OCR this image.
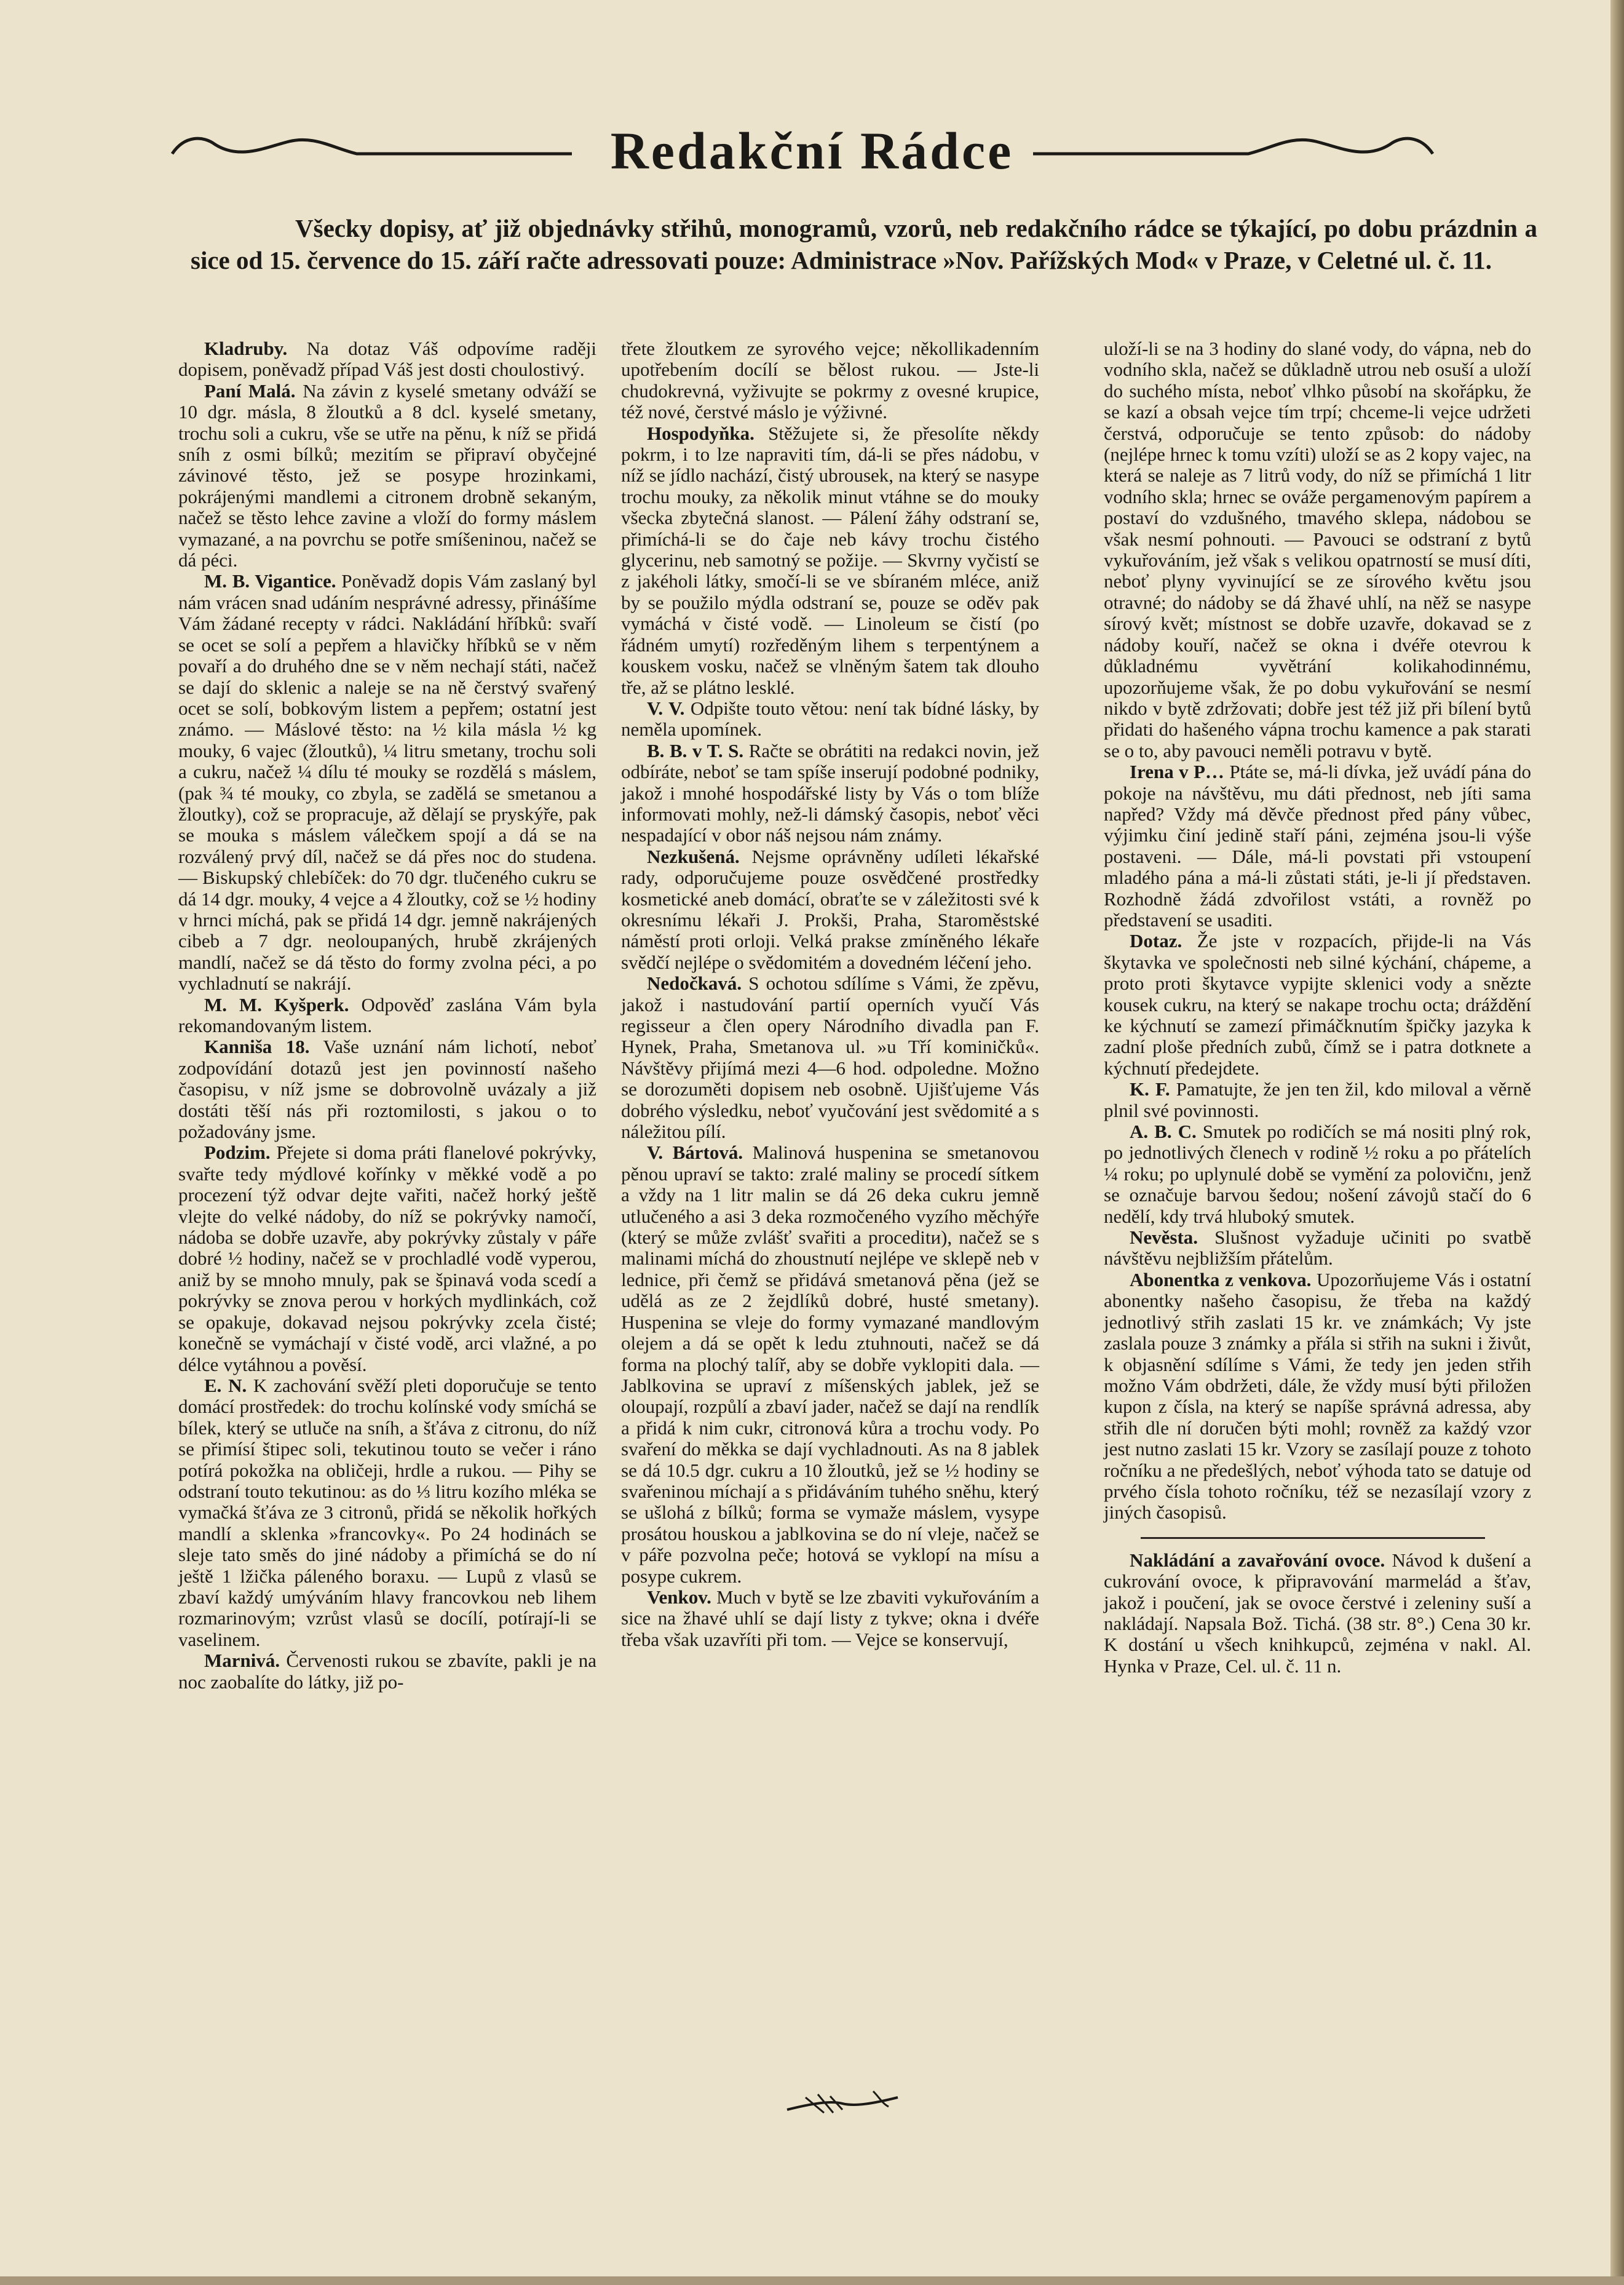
Redakční Rádce
Všecky dopisy, ať již objednávky střihů, monogramů, vzorů, neb redakčního rádce se týkající, po dobu prázdnin a sice od 15. července do 15. září račte adressovati pouze: Administrace »Nov. Pařížských Mod« v Praze, v Celetné ul. č. 11.

Kladruby. Na dotaz Váš odpovíme raději dopisem, poněvadž případ Váš jest dosti choulostivý.

Paní Malá. Na závin z kyselé smetany odváží se 10 dgr. másla, 8 žloutků a 8 dcl. kyselé smetany, trochu soli a cukru, vše se utře na pěnu, k níž se přidá sníh z osmi bílků; mezitím se připraví obyčejné závinové těsto, jež se posype hrozinkami, pokrájenými mandlemi a citronem drobně sekaným, načež se těsto lehce zavine a vloží do formy máslem vymazané, a na povrchu se potře smíšeninou, načež se dá péci.

M. B. Vigantice. Poněvadž dopis Vám zaslaný byl nám vrácen snad udáním nesprávné adressy, přinášíme Vám žádané recepty v rádci. Nakládání hříbků: svaří se ocet se solí a pepřem a hlavičky hříbků se v něm povaří a do druhého dne se v něm nechají státi, načež se dají do sklenic a naleje se na ně čerstvý svařený ocet se solí, bobkovým listem a pepřem; ostatní jest známo. — Máslové těsto: na ½ kila másla ½ kg mouky, 6 vajec (žloutků), ¼ litru smetany, trochu soli a cukru, načež ¼ dílu té mouky se rozdělá s máslem, (pak ¾ té mouky, co zbyla, se zadělá se smetanou a žloutky), což se propracuje, až dělají se pryskýře, pak se mouka s máslem válečkem spojí a dá se na rozválený prvý díl, načež se dá přes noc do studena. — Biskupský chlebíček: do 70 dgr. tlučeného cukru se dá 14 dgr. mouky, 4 vejce a 4 žloutky, což se ½ hodiny v hrnci míchá, pak se přidá 14 dgr. jemně nakrájených cibeb a 7 dgr. neoloupaných, hrubě zkrájených mandlí, načež se dá těsto do formy zvolna péci, a po vychladnutí se nakrájí.

M. M. Kyšperk. Odpověď zaslána Vám byla rekomandovaným listem.

Kanniša 18. Vaše uznání nám lichotí, neboť zodpovídání dotazů jest jen povinností našeho časopisu, v níž jsme se dobrovolně uvázaly a již dostáti těší nás při roztomilosti, s jakou o to požadovány jsme.

Podzim. Přejete si doma práti flanelové pokrývky, svařte tedy mýdlové kořínky v měkké vodě a po procezení týž odvar dejte vařiti, načež horký ještě vlejte do velké nádoby, do níž se pokrývky namočí, nádoba se dobře uzavře, aby pokrývky zůstaly v páře dobré ½ hodiny, načež se v prochladlé vodě vyperou, aniž by se mnoho mnuly, pak se špinavá voda scedí a pokrývky se znova perou v horkých mydlinkách, což se opakuje, dokavad nejsou pokrývky zcela čisté; konečně se vymáchají v čisté vodě, arci vlažné, a po délce vytáhnou a pověsí.

E. N. K zachování svěží pleti doporučuje se tento domácí prostředek: do trochu kolínské vody smíchá se bílek, který se utluče na sníh, a šťáva z citronu, do níž se přimísí štipec soli, tekutinou touto se večer i ráno potírá pokožka na obličeji, hrdle a rukou. — Pihy se odstraní touto tekutinou: as do ⅓ litru kozího mléka se vymačká šťáva ze 3 citronů, přidá se několik hořkých mandlí a sklenka »francovky«. Po 24 hodinách se sleje tato směs do jiné nádoby a přimíchá se do ní ještě 1 lžička páleného boraxu. — Lupů z vlasů se zbaví každý umýváním hlavy francovkou neb lihem rozmarinovým; vzrůst vlasů se docílí, potírají-li se vaselinem.

Marnivá. Červenosti rukou se zbavíte, pakli je na noc zaobalíte do látky, již po-

třete žloutkem ze syrového vejce; někollikadenním upotřebením docílí se bělost rukou. — Jste-li chudokrevná, vyživujte se pokrmy z ovesné krupice, též nové, čerstvé máslo je výživné.

Hospodyňka. Stěžujete si, že přesolíte někdy pokrm, i to lze napraviti tím, dá-li se přes nádobu, v níž se jídlo nachází, čistý ubrousek, na který se nasype trochu mouky, za několik minut vtáhne se do mouky všecka zbytečná slanost. — Pálení žáhy odstraní se, přimíchá-li se do čaje neb kávy trochu čistého glycerinu, neb samotný se požije. — Skvrny vyčistí se z jakéholi látky, smočí-li se ve sbíraném mléce, aniž by se použilo mýdla odstraní se, pouze se oděv pak vymáchá v čisté vodě. — Linoleum se čistí (po řádném umytí) rozředěným lihem s terpentýnem a kouskem vosku, načež se vlněným šatem tak dlouho tře, až se plátno lesklé.

V. V. Odpište touto větou: není tak bídné lásky, by neměla upomínek.

B. B. v T. S. Račte se obrátiti na redakci novin, jež odbíráte, neboť se tam spíše inserují podobné podniky, jakož i mnohé hospodářské listy by Vás o tom blíže informovati mohly, než-li dámský časopis, neboť věci nespadající v obor náš nejsou nám známy.

Nezkušená. Nejsme oprávněny udíleti lékařské rady, odporučujeme pouze osvědčené prostředky kosmetické aneb domácí, obraťte se v záležitosti své k okresnímu lékaři J. Prokši, Praha, Staroměstské náměstí proti orloji. Velká prakse zmíněného lékaře svědčí nejlépe o svědomitém a dovedném léčení jeho.

Nedočkavá. S ochotou sdílíme s Vámi, že zpěvu, jakož i nastudování partií operních vyučí Vás regisseur a člen opery Národního divadla pan F. Hynek, Praha, Smetanova ul. »u Tří kominičků«. Návštěvy přijímá mezi 4—6 hod. odpoledne. Možno se dorozuměti dopisem neb osobně. Ujišťujeme Vás dobrého výsledku, neboť vyučování jest svědomité a s náležitou pílí.

V. Bártová. Malinová huspenina se smetanovou pěnou upraví se takto: zralé maliny se procedí sítkem a vždy na 1 litr malin se dá 26 deka cukru jemně utlučeného a asi 3 deka rozmočeného vyzího měchýře (který se může zvlášť svařiti a proceditи), načež se s malinami míchá do zhoustnutí nejlépe ve sklepě neb v lednice, při čemž se přidává smetanová pěna (jež se udělá as ze 2 žejdlíků dobré, husté smetany). Huspenina se vleje do formy vymazané mandlovým olejem a dá se opět k ledu ztuhnouti, načež se dá forma na plochý talíř, aby se dobře vyklopiti dala. — Jablkovina se upraví z míšenských jablek, jež se oloupají, rozpůlí a zbaví jader, načež se dají na rendlík a přidá k nim cukr, citronová kůra a trochu vody. Po svaření do měkka se dají vychladnouti. As na 8 jablek se dá 10.5 dgr. cukru a 10 žloutků, jež se ½ hodiny se svařeninou míchají a s přidáváním tuhého sněhu, který se ušlohá z bílků; forma se vymaže máslem, vysype prosátou houskou a jablkovina se do ní vleje, načež se v páře pozvolna peče; hotová se vyklopí na mísu a posype cukrem.

Venkov. Much v bytě se lze zbaviti vykuřováním a sice na žhavé uhlí se dají listy z tykve; okna i dvéře třeba však uzavříti při tom. — Vejce se konservují,

uloží-li se na 3 hodiny do slané vody, do vápna, neb do vodního skla, načež se důkladně utrou neb osuší a uloží do suchého místa, neboť vlhko působí na skořápku, že se kazí a obsah vejce tím trpí; chceme-li vejce udržeti čerstvá, odporučuje se tento způsob: do nádoby (nejlépe hrnec k tomu vzíti) uloží se as 2 kopy vajec, na která se naleje as 7 litrů vody, do níž se přimíchá 1 litr vodního skla; hrnec se ováže pergamenovým papírem a postaví do vzdušného, tmavého sklepa, nádobou se však nesmí pohnouti. — Pavouci se odstraní z bytů vykuřováním, jež však s velikou opatrností se musí díti, neboť plyny vyvinující se ze sírového květu jsou otravné; do nádoby se dá žhavé uhlí, na něž se nasype sírový květ; místnost se dobře uzavře, dokavad se z nádoby kouří, načež se okna i dvéře otevrou k důkladnému vyvětrání kolikahodinnému, upozorňujeme však, že po dobu vykuřování se nesmí nikdo v bytě zdržovati; dobře jest též již při bílení bytů přidati do hašeného vápna trochu kamence a pak starati se o to, aby pavouci neměli potravu v bytě.

Irena v P… Ptáte se, má-li dívka, jež uvádí pána do pokoje na návštěvu, mu dáti přednost, neb jíti sama napřed? Vždy má děvče přednost před pány vůbec, výjimku činí jedině staří páni, zejména jsou-li výše postaveni. — Dále, má-li povstati při vstoupení mladého pána a má-li zůstati státi, je-li jí představen. Rozhodně žádá zdvořilost vstáti, a rovněž po představení se usaditi.

Dotaz. Že jste v rozpacích, přijde-li na Vás škytavka ve společnosti neb silné kýchání, chápeme, a proto proti škytavce vypijte sklenici vody a snězte kousek cukru, na který se nakape trochu octa; dráždění ke kýchnutí se zamezí přimáčknutím špičky jazyka k zadní ploše předních zubů, čímž se i patra dotknete a kýchnutí předejdete.

K. F. Pamatujte, že jen ten žil, kdo miloval a věrně plnil své povinnosti.

A. B. C. Smutek po rodičích se má nositi plný rok, po jednotlivých členech v rodině ½ roku a po přátelích ¼ roku; po uplynulé době se vymění za polovičnı, jenž se označuje barvou šedou; nošení závojů stačí do 6 nedělí, kdy trvá hluboký smutek.

Nevěsta. Slušnost vyžaduje učiniti po svatbě návštěvu nejbližším přátelům.

Abonentka z venkova. Upozorňujeme Vás i ostatní abonentky našeho časopisu, že třeba na každý jednotlivý střih zaslati 15 kr. ve známkách; Vy jste zaslala pouze 3 známky a přála si střih na sukni i živůt, k objasnění sdílíme s Vámi, že tedy jen jeden střih možno Vám obdržeti, dále, že vždy musí býti přiložen kupon z čísla, na který se napíše správná adressa, aby střih dle ní doručen býti mohl; rovněž za každý vzor jest nutno zaslati 15 kr. Vzory se zasílají pouze z tohoto ročníku a ne předešlých, neboť výhoda tato se datuje od prvého čísla tohoto ročníku, též se nezasílají vzory z jiných časopisů.

Nakládání a zavařování ovoce. Návod k dušení a cukrování ovoce, k připravování marmelád a šťav, jakož i poučení, jak se ovoce čerstvé i zeleniny suší a nakládají. Napsala Bož. Tichá. (38 str. 8°.) Cena 30 kr. K dostání u všech knihkupců, zejména v nakl. Al. Hynka v Praze, Cel. ul. č. 11 n.
